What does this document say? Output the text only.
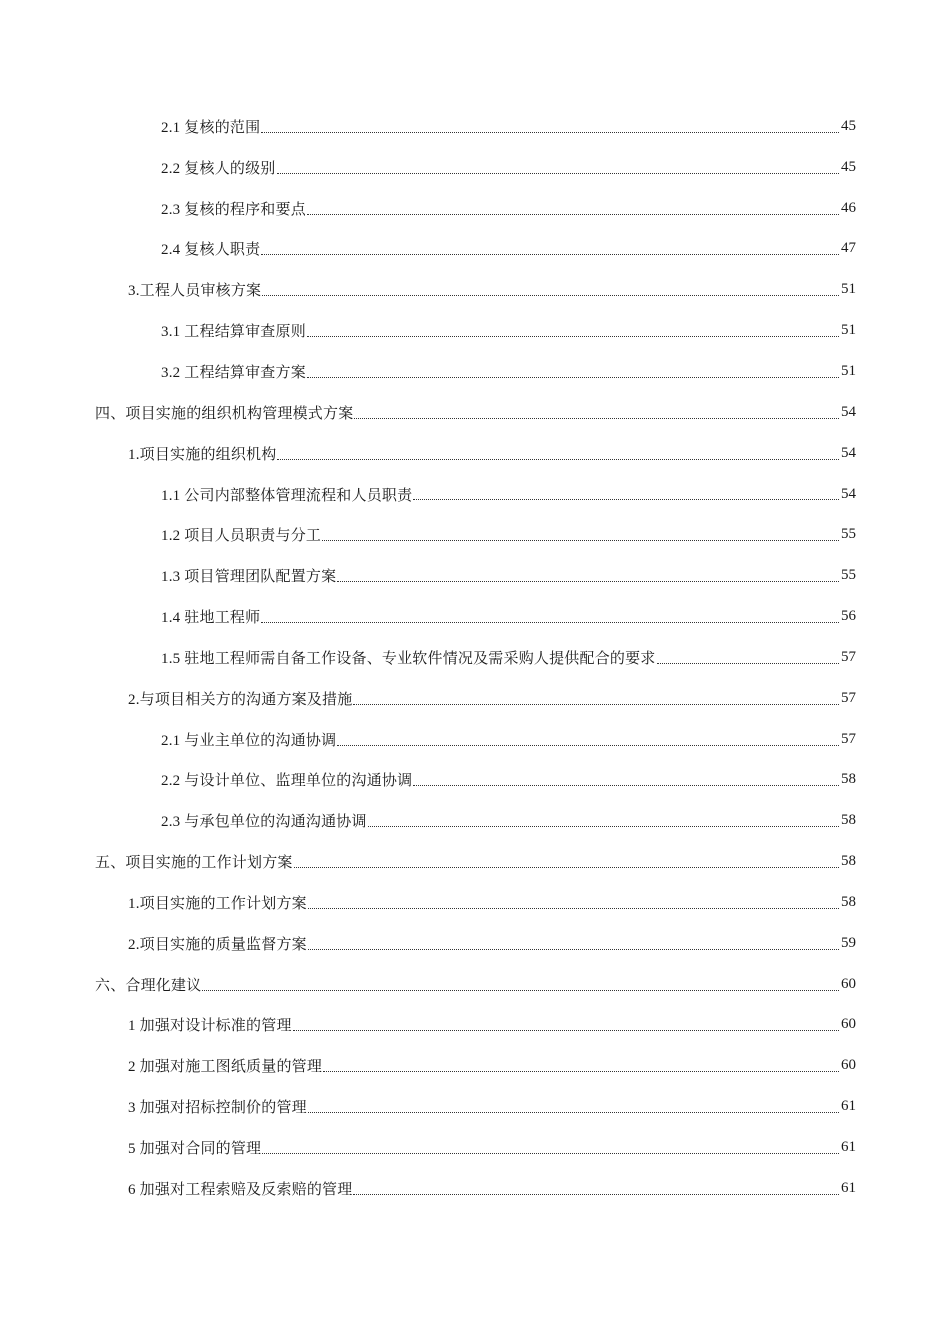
2.1 复核的范围	45
2.2 复核人的级别	45
2.3 复核的程序和要点	46
2.4 复核人职责	47
3.工程人员审核方案	51
3.1 工程结算审查原则	51
3.2 工程结算审查方案	51
四、项目实施的组织机构管理模式方案	54
1.项目实施的组织机构	54
1.1 公司内部整体管理流程和人员职责	54
1.2 项目人员职责与分工	55
1.3 项目管理团队配置方案	55
1.4 驻地工程师	56
1.5 驻地工程师需自备工作设备、专业软件情况及需采购人提供配合的要求	57
2.与项目相关方的沟通方案及措施	57
2.1 与业主单位的沟通协调	57
2.2 与设计单位、监理单位的沟通协调	58
2.3 与承包单位的沟通沟通协调	58
五、项目实施的工作计划方案	58
1.项目实施的工作计划方案	58
2.项目实施的质量监督方案	59
六、合理化建议	60
1 加强对设计标准的管理	60
2 加强对施工图纸质量的管理	60
3 加强对招标控制价的管理	61
5 加强对合同的管理	61
6 加强对工程索赔及反索赔的管理	61
